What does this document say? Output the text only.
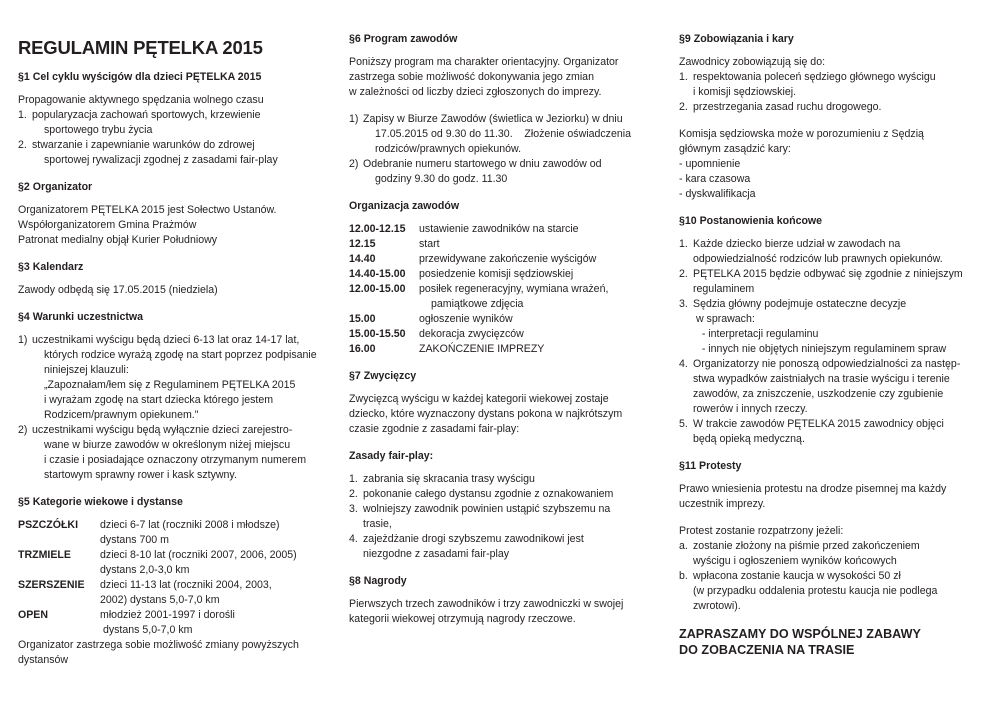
REGULAMIN PĘTELKA 2015
§1 Cel cyklu wyścigów dla dzieci PĘTELKA 2015

Propagowanie aktywnego spędzania wolnego czasu

1. popularyzacja zachowań sportowych, krzewienie
sportowego trybu życia
2. stwarzanie i zapewnianie warunków do zdrowej
sportowej rywalizacji zgodnej z zasadami fair-play
§2 Organizator

Organizatorem PĘTELKA 2015 jest Sołectwo Ustanów.

Współorganizatorem Gmina Prażmów

Patronat medialny objął Kurier Południowy

§3 Kalendarz

Zawody odbędą się 17.05.2015 (niedziela)

§4 Warunki uczestnictwa
1) uczestnikami wyścigu będą dzieci 6-13 lat oraz 14-17 lat,
których rodzice wyrażą zgodę na start poprzez podpisanie
niniejszej klauzuli:
„Zapoznałam/łem się z Regulaminem PĘTELKA 2015
i wyrażam zgodę na start dziecka którego jestem
Rodzicem/prawnym opiekunem."
2) uczestnikami wyścigu będą wyłącznie dzieci zarejestro-
wane w biurze zawodów w określonym niżej miejscu
i czasie i posiadające oznaczony otrzymanym numerem
startowym sprawny rower i kask sztywny.
§5 Kategorie wiekowe i dystanse
PSZCZÓŁKI	dzieci 6-7 lat (roczniki 2008 i młodsze)
dystans 700 m

TRZMIELE	dzieci 8-10 lat (roczniki 2007, 2006, 2005)
dystans 2,0-3,0 km

SZERSZENIE	dzieci 11-13 lat (roczniki 2004, 2003,
2002) dystans 5,0-7,0 km

OPEN	młodzież 2001-1997 i dorośli
dystans 5,0-7,0 km

Organizator zastrzega sobie możliwość zmiany powyższych

dystansów

§6 Program zawodów

Poniższy program ma charakter orientacyjny. Organizator

zastrzega sobie możliwość dokonywania jego zmian

w zależności od liczby dzieci zgłoszonych do imprezy.

1) Zapisy w Biurze Zawodów (świetlica w Jeziorku) w dniu
17.05.2015 od 9.30 do 11.30.    Złożenie oświadczenia
rodziców/prawnych opiekunów.
2) Odebranie numeru startowego w dniu zawodów od
godziny 9.30 do godz. 11.30
Organizacja zawodów
12.00-12.15	ustawienie zawodników na starcie

12.15	start

14.40	przewidywane zakończenie wyścigów

14.40-15.00	posiedzenie komisji sędziowskiej

12.00-15.00	posiłek regeneracyjny, wymiana wrażeń,
pamiątkowe zdjęcia

15.00	ogłoszenie wyników

15.00-15.50	dekoracja zwycięzców

16.00	ZAKOŃCZENIE IMPREZY
§7 Zwycięzcy

Zwycięzcą wyścigu w każdej kategorii wiekowej zostaje

dziecko, które wyznaczony dystans pokona w najkrótszym

czasie zgodnie z zasadami fair-play:

Zasady fair-play:
1. zabrania się skracania trasy wyścigu
2. pokonanie całego dystansu zgodnie z oznakowaniem
3. wolniejszy zawodnik powinien ustąpić szybszemu na
trasie,
4. zajeżdżanie drogi szybszemu zawodnikowi jest
niezgodne z zasadami fair-play
§8 Nagrody

Pierwszych trzech zawodników i trzy zawodniczki w swojej

kategorii wiekowej otrzymują nagrody rzeczowe.

§9 Zobowiązania i kary

Zawodnicy zobowiązują się do:

1. respektowania poleceń sędziego głównego wyścigu
i komisji sędziowskiej.
2. przestrzegania zasad ruchu drogowego.

Komisja sędziowska może w porozumieniu z Sędzią

głównym zasądzić kary:

- upomnienie

- kara czasowa

- dyskwalifikacja

§10 Postanowienia końcowe
1. Każde dziecko bierze udział w zawodach na
odpowiedzialność rodziców lub prawnych opiekunów.
2. PĘTELKA 2015 będzie odbywać się zgodnie z niniejszym
regulaminem
3. Sędzia główny podejmuje ostateczne decyzje
w sprawach:
- interpretacji regulaminu
- innych nie objętych niniejszym regulaminem spraw
4. Organizatorzy nie ponoszą odpowiedzialności za następ-
stwa wypadków zaistniałych na trasie wyścigu i terenie
zawodów, za zniszczenie, uszkodzenie czy zgubienie
rowerów i innych rzeczy.
5. W trakcie zawodów PĘTELKA 2015 zawodnicy objęci
będą opieką medyczną.
§11 Protesty

Prawo wniesienia protestu na drodze pisemnej ma każdy

uczestnik imprezy.

Protest zostanie rozpatrzony jeżeli:

a. zostanie złożony na piśmie przed zakończeniem
wyścigu i ogłoszeniem wyników końcowych
b. wpłacona zostanie kaucja w wysokości 50 zł
(w przypadku oddalenia protestu kaucja nie podlega
zwrotowi).
ZAPRASZAMY DO WSPÓLNEJ ZABAWY
DO ZOBACZENIA NA TRASIE
